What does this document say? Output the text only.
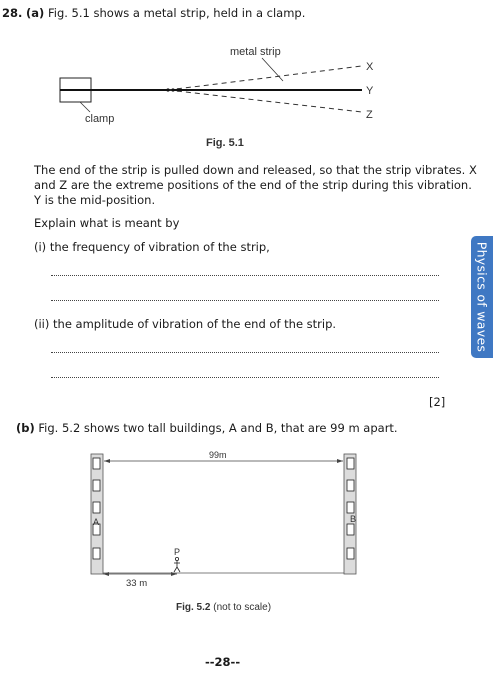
28. (a) Fig. 5.1 shows a metal strip, held in a clamp.
metal strip
clamp
X
Y
Z
Fig. 5.1
The end of the strip is pulled down and released, so that the strip vibrates. X
and Z are the extreme positions of the end of the strip during this vibration.
Y is the mid-position.
Explain what is meant by
(i) the frequency of vibration of the strip,
(ii) the amplitude of vibration of the end of the strip.
[2]
(b) Fig. 5.2 shows two tall buildings, A and B, that are 99 m apart.
99m
A	B
P
33 m
Fig. 5.2 (not to scale)
--28--
Physics of waves
